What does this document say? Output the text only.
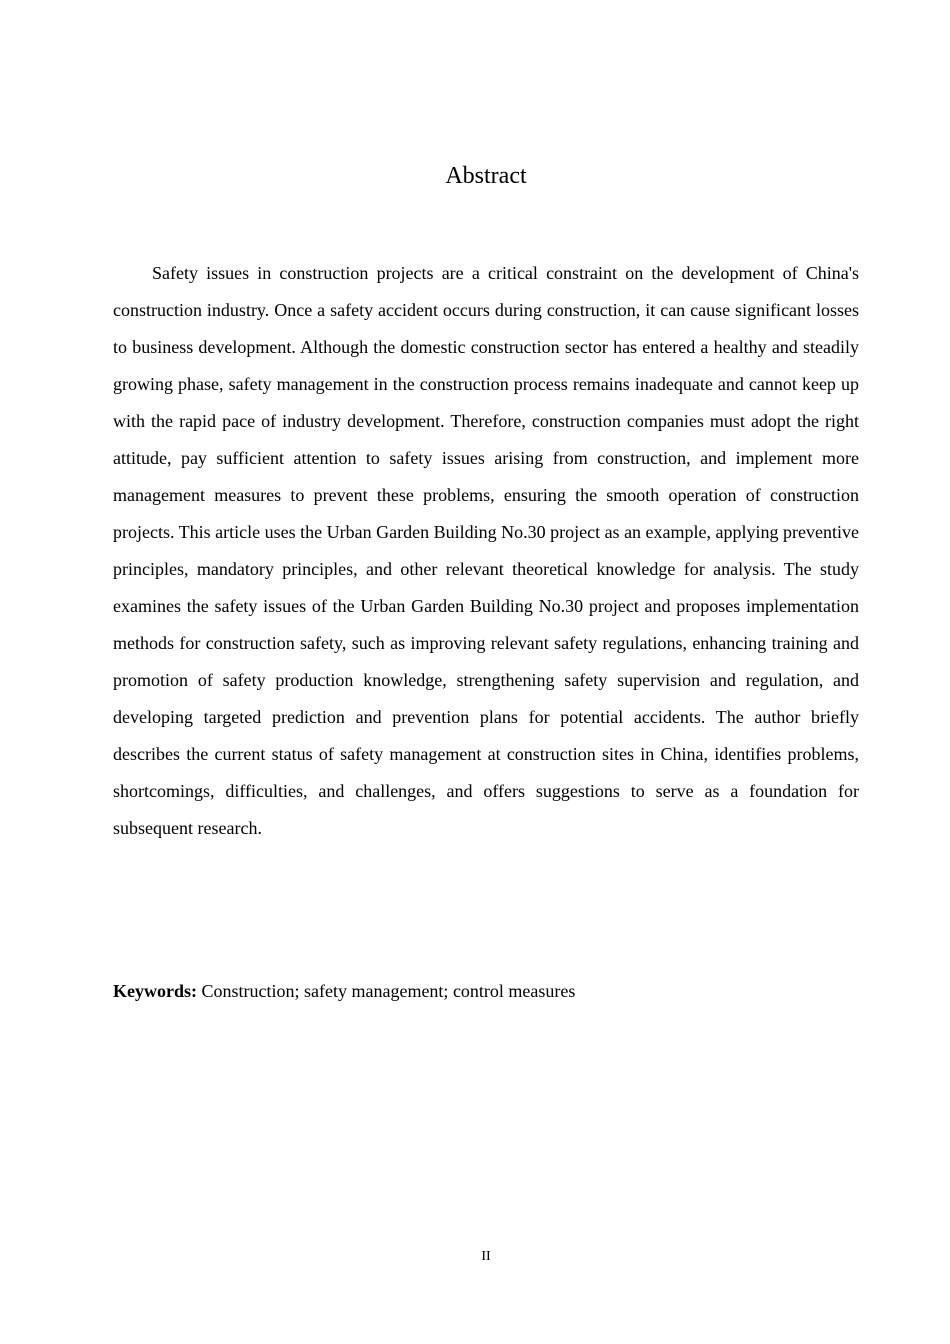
Abstract

Safety issues in construction projects are a critical constraint on the development of China's construction industry. Once a safety accident occurs during construction, it can cause significant losses to business development. Although the domestic construction sector has entered a healthy and steadily growing phase, safety management in the construction process remains inadequate and cannot keep up with the rapid pace of industry development. Therefore, construction companies must adopt the right attitude, pay sufficient attention to safety issues arising from construction, and implement more management measures to prevent these problems, ensuring the smooth operation of construction projects. This article uses the Urban Garden Building No.30 project as an example, applying preventive principles, mandatory principles, and other relevant theoretical knowledge for analysis. The study examines the safety issues of the Urban Garden Building No.30 project and proposes implementation methods for construction safety, such as improving relevant safety regulations, enhancing training and promotion of safety production knowledge, strengthening safety supervision and regulation, and developing targeted prediction and prevention plans for potential accidents. The author briefly describes the current status of safety management at construction sites in China, identifies problems, shortcomings, difficulties, and challenges, and offers suggestions to serve as a foundation for subsequent research.

Keywords: Construction; safety management; control measures

II
